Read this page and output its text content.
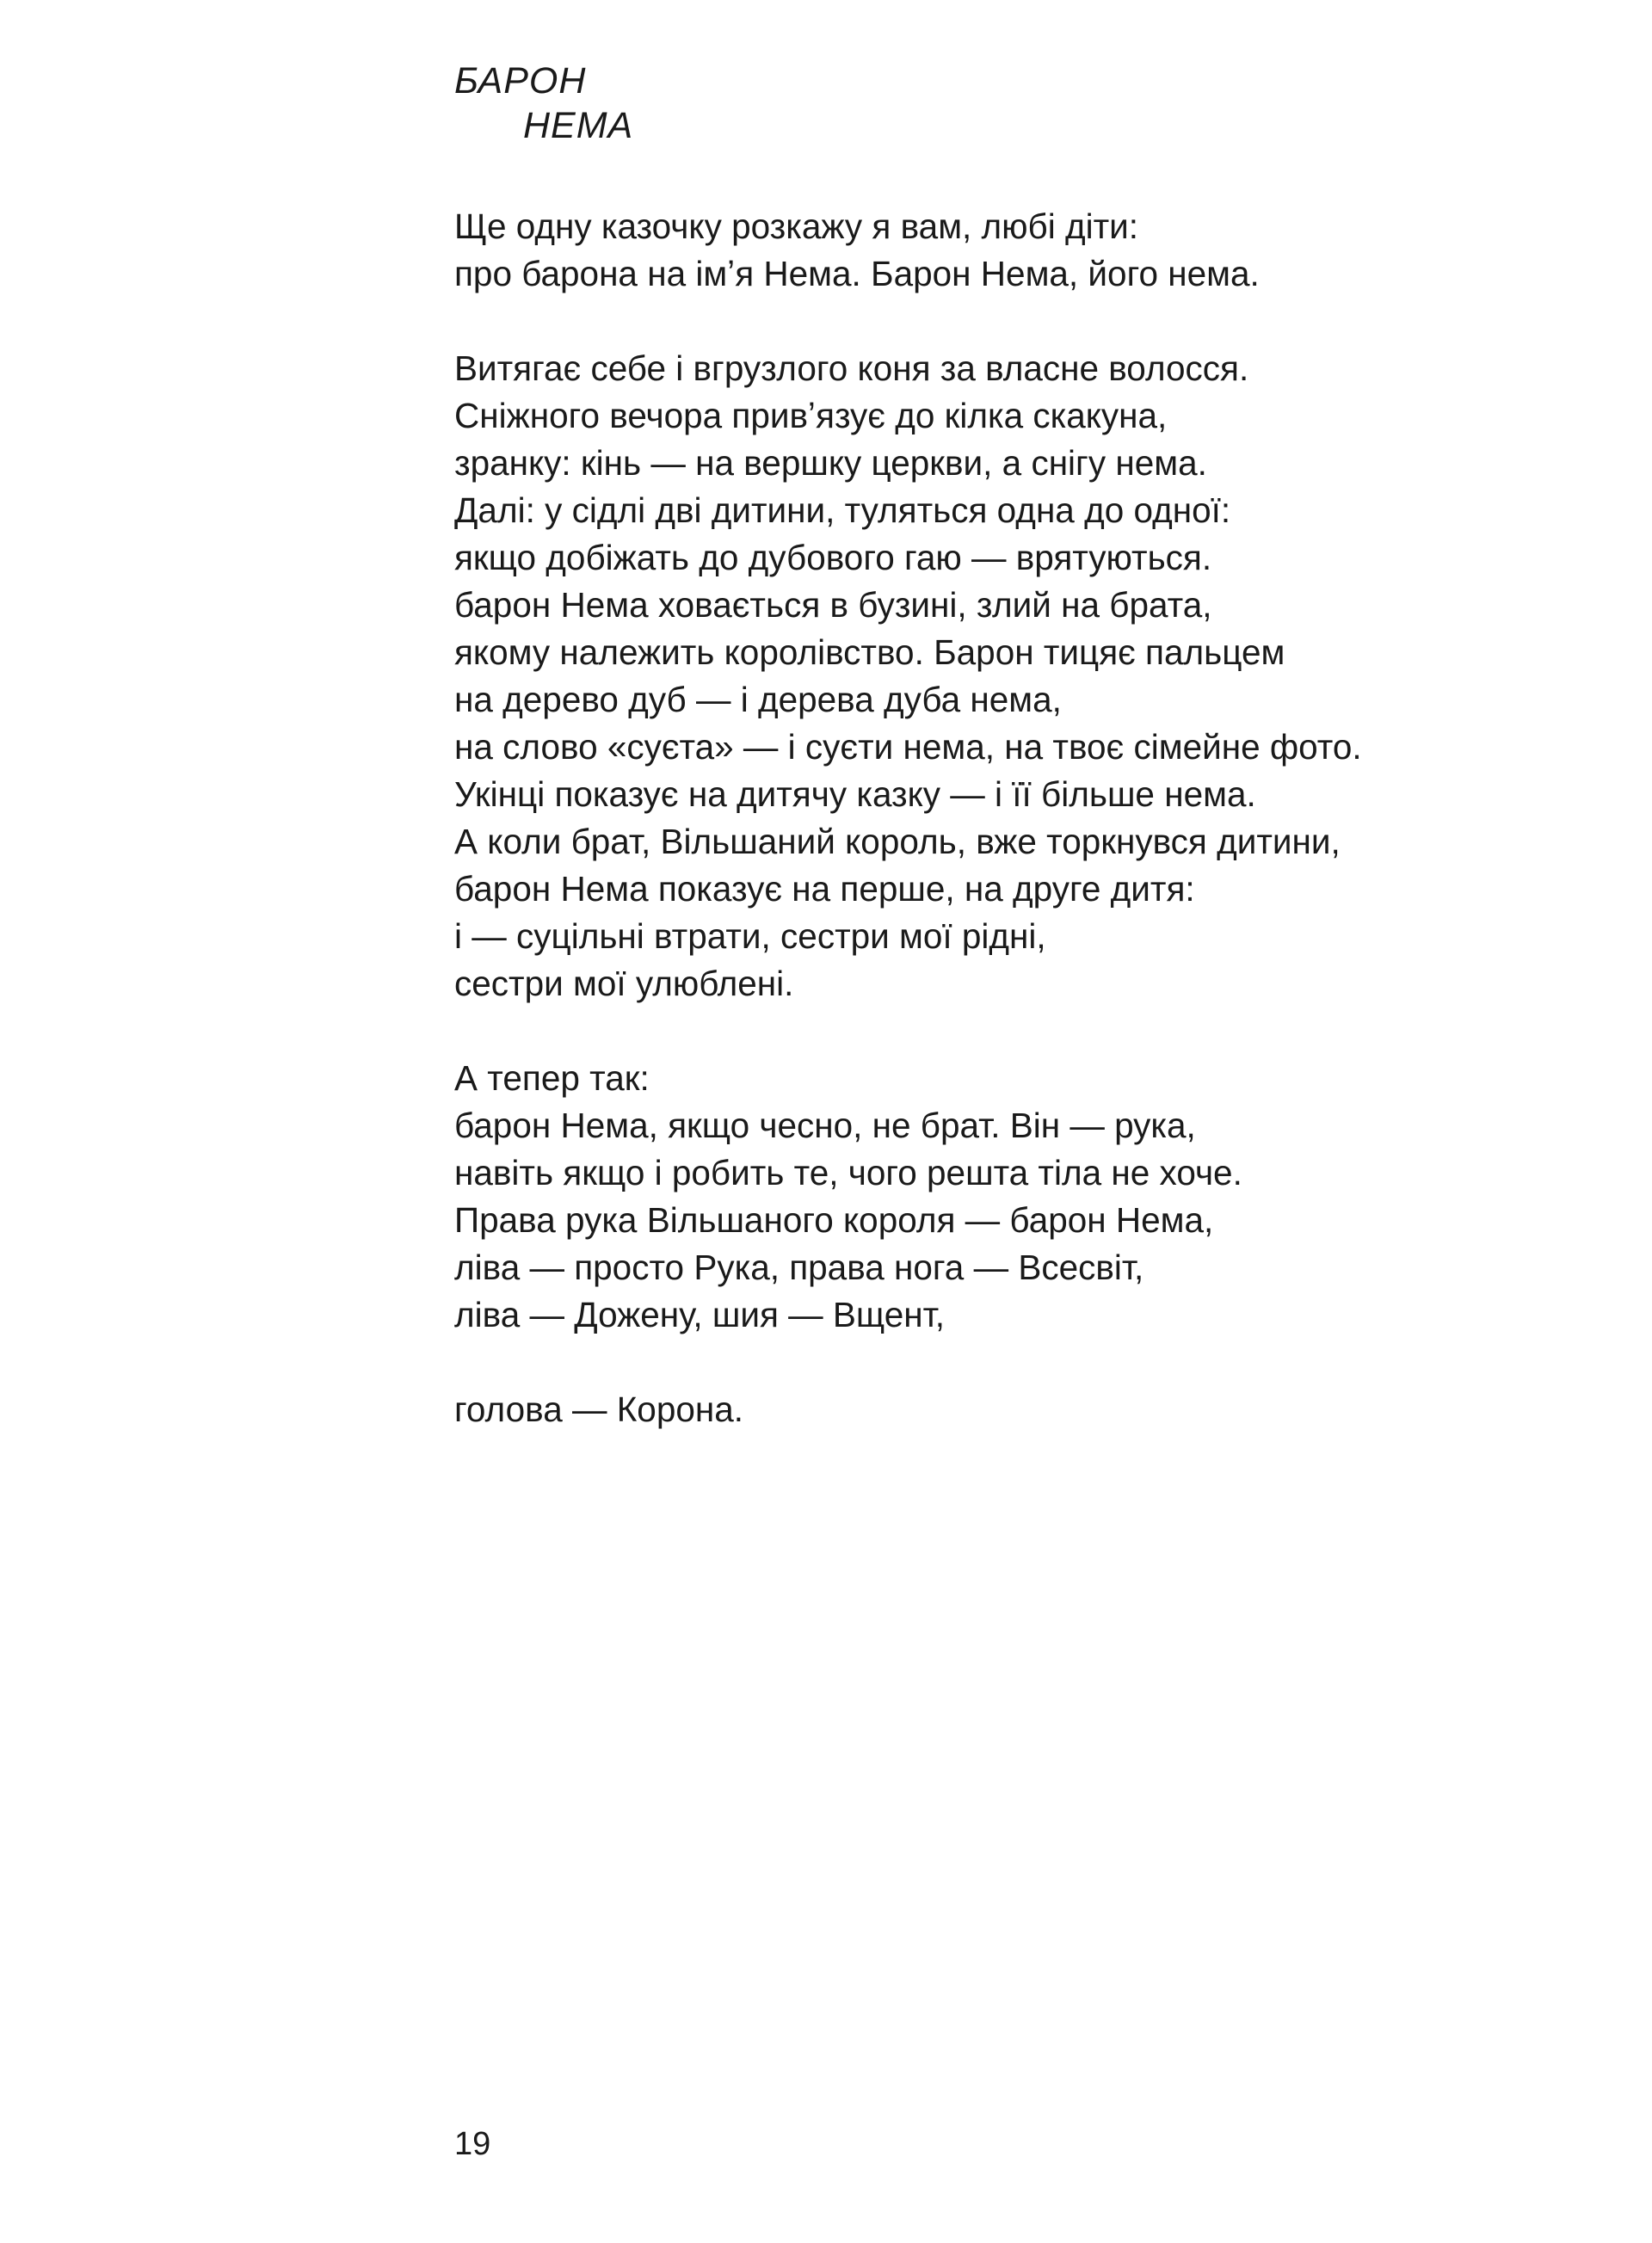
БАРОН
НЕМА
Ще одну казочку розкажу я вам, любі діти:
про барона на імʼя Нема. Барон Нема, його нема.
Витягає себе і вгрузлого коня за власне волосся.
Сніжного вечора привʼязує до кілка скакуна,
зранку: кінь — на вершку церкви, а снігу нема.
Далі: у сідлі дві дитини, туляться одна до одної:
якщо добіжать до дубового гаю — врятуються.
барон Нема ховається в бузині, злий на брата,
якому належить королівство. Барон тицяє пальцем
на дерево дуб — і дерева дуба нема,
на слово «суєта» — і суєти нема, на твоє сімейне фото.
Укінці показує на дитячу казку — і її більше нема.
А коли брат, Вільшаний король, вже торкнувся дитини,
барон Нема показує на перше, на друге дитя:
і — суцільні втрати, сестри мої рідні,
сестри мої улюблені.
А тепер так:
барон Нема, якщо чесно, не брат. Він — рука,
навіть якщо і робить те, чого решта тіла не хоче.
Права рука Вільшаного короля — барон Нема,
ліва — просто Рука, права нога — Всесвіт,
ліва — Дожену, шия — Вщент,
голова — Корона.
19
